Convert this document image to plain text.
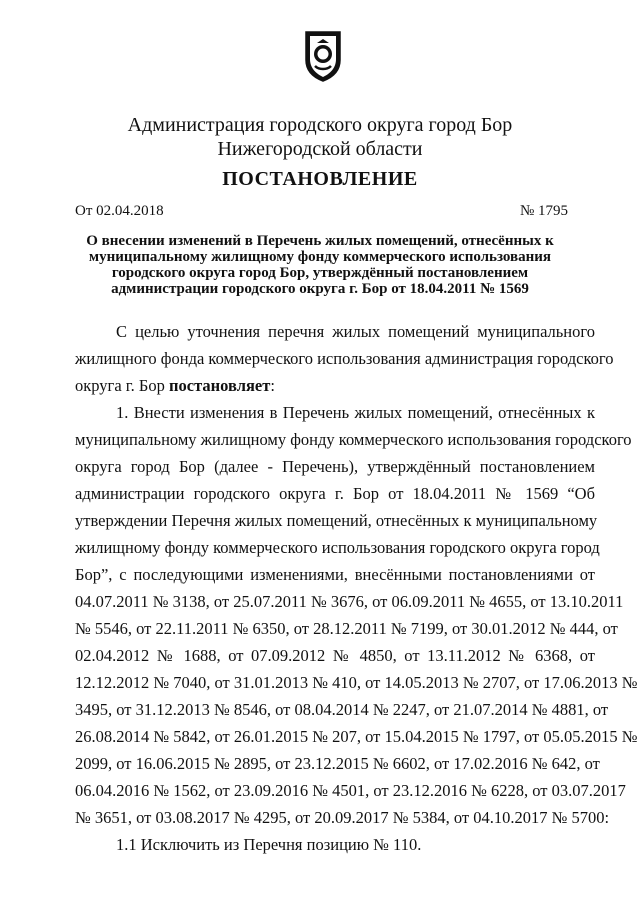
Администрация городского округа город Бор
Нижегородской области
ПОСТАНОВЛЕНИЕ
От 02.04.2018	№ 1795
О внесении изменений в Перечень жилых помещений, отнесённых к
муниципальному жилищному фонду коммерческого использования
городского округа город Бор, утверждённый постановлением
администрации городского округа г. Бор от 18.04.2011 № 1569
С целью уточнения перечня жилых помещений муниципального
жилищного фонда коммерческого использования администрация городского
округа г. Бор постановляет:
1. Внести изменения в Перечень жилых помещений, отнесённых к
муниципальному жилищному фонду коммерческого использования городского
округа город Бор (далее - Перечень), утверждённый постановлением
администрации городского округа г. Бор от 18.04.2011 № 1569 “Об
утверждении Перечня жилых помещений, отнесённых к муниципальному
жилищному фонду коммерческого использования городского округа город
Бор”, с последующими изменениями, внесёнными постановлениями от
04.07.2011 № 3138, от 25.07.2011 № 3676, от 06.09.2011 № 4655, от 13.10.2011
№ 5546, от 22.11.2011 № 6350, от 28.12.2011 № 7199, от 30.01.2012 № 444, от
02.04.2012 № 1688, от 07.09.2012 № 4850, от 13.11.2012 № 6368, от
12.12.2012 № 7040, от 31.01.2013 № 410, от 14.05.2013 № 2707, от 17.06.2013 №
3495, от 31.12.2013 № 8546, от 08.04.2014 № 2247, от 21.07.2014 № 4881, от
26.08.2014 № 5842, от 26.01.2015 № 207, от 15.04.2015 № 1797, от 05.05.2015 №
2099, от 16.06.2015 № 2895, от 23.12.2015 № 6602, от 17.02.2016 № 642, от
06.04.2016 № 1562, от 23.09.2016 № 4501, от 23.12.2016 № 6228, от 03.07.2017
№ 3651, от 03.08.2017 № 4295, от 20.09.2017 № 5384, от 04.10.2017 № 5700:
1.1 Исключить из Перечня позицию № 110.
